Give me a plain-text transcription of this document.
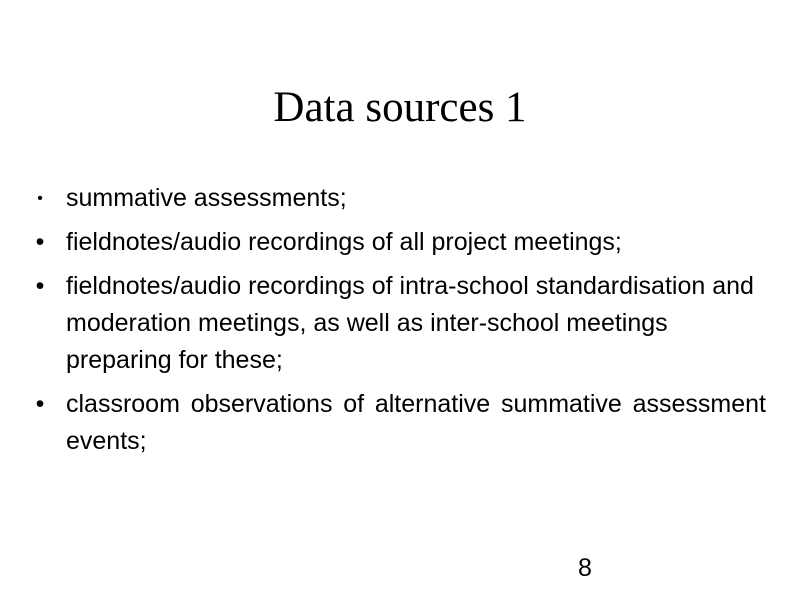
Data sources 1
• summative assessments;
• fieldnotes/audio recordings of all project meetings;
• fieldnotes/audio recordings of intra-school standardisation and moderation meetings, as well as inter-school meetings preparing for these;
• classroom observations of alternative summative assessment events;
8
